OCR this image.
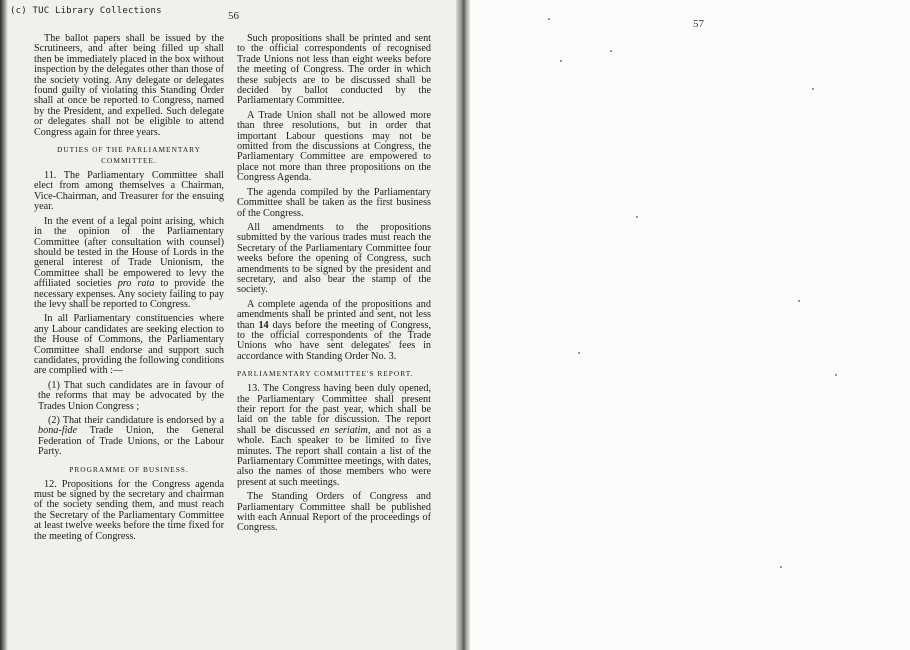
(c) TUC Library Collections	56
57

The ballot papers shall be issued by the Scrutineers, and after being filled up shall then be immediately placed in the box without inspection by the delegates other than those of the society voting. Any delegate or delegates found guilty of violating this Standing Order shall at once be reported to Congress, named by the President, and expelled. Such delegate or delegates shall not be eligible to attend Congress again for three years.

DUTIES OF THE PARLIAMENTARY
COMMITTEE.

11. The Parliamentary Committee shall elect from among themselves a Chairman, Vice-Chairman, and Treasurer for the ensuing year.

In the event of a legal point arising, which in the opinion of the Parliamentary Committee (after consultation with counsel) should be tested in the House of Lords in the general interest of Trade Unionism, the Committee shall be empowered to levy the affiliated societies pro rata to provide the necessary expenses. Any society failing to pay the levy shall be reported to Congress.

In all Parliamentary constituencies where any Labour candidates are seeking election to the House of Commons, the Parliamentary Committee shall endorse and support such candidates, providing the following conditions are complied with :—

(1) That such candidates are in favour of the reforms that may be advocated by the Trades Union Congress ;

(2) That their candidature is endorsed by a bona-fide Trade Union, the General Federation of Trade Unions, or the Labour Party.

PROGRAMME OF BUSINESS.

12. Propositions for the Congress agenda must be signed by the secretary and chairman of the society sending them, and must reach the Secretary of the Parliamentary Committee at least twelve weeks before the time fixed for the meeting of Congress.

Such propositions shall be printed and sent to the official correspondents of recognised Trade Unions not less than eight weeks before the meeting of Congress. The order in which these subjects are to be discussed shall be decided by ballot conducted by the Parliamentary Committee.

A Trade Union shall not be allowed more than three resolutions, but in order that important Labour questions may not be omitted from the discussions at Congress, the Parliamentary Committee are empowered to place not more than three propositions on the Congress Agenda.

The agenda compiled by the Parliamentary Committee shall be taken as the first business of the Congress.

All amendments to the propositions submitted by the various trades must reach the Secretary of the Parliamentary Committee four weeks before the opening of Congress, such amendments to be signed by the president and secretary, and also bear the stamp of the society.

A complete agenda of the propositions and amendments shall be printed and sent, not less than 14 days before the meeting of Congress, to the official correspondents of the Trade Unions who have sent delegates' fees in accordance with Standing Order No. 3.

PARLIAMENTARY COMMITTEE'S REPORT.

13. The Congress having been duly opened, the Parliamentary Committee shall present their report for the past year, which shall be laid on the table for discussion. The report shall be discussed en seriatim, and not as a whole. Each speaker to be limited to five minutes. The report shall contain a list of the Parliamentary Committee meetings, with dates, also the names of those members who were present at such meetings.

The Standing Orders of Congress and Parliamentary Committee shall be published with each Annual Report of the proceedings of Congress.
